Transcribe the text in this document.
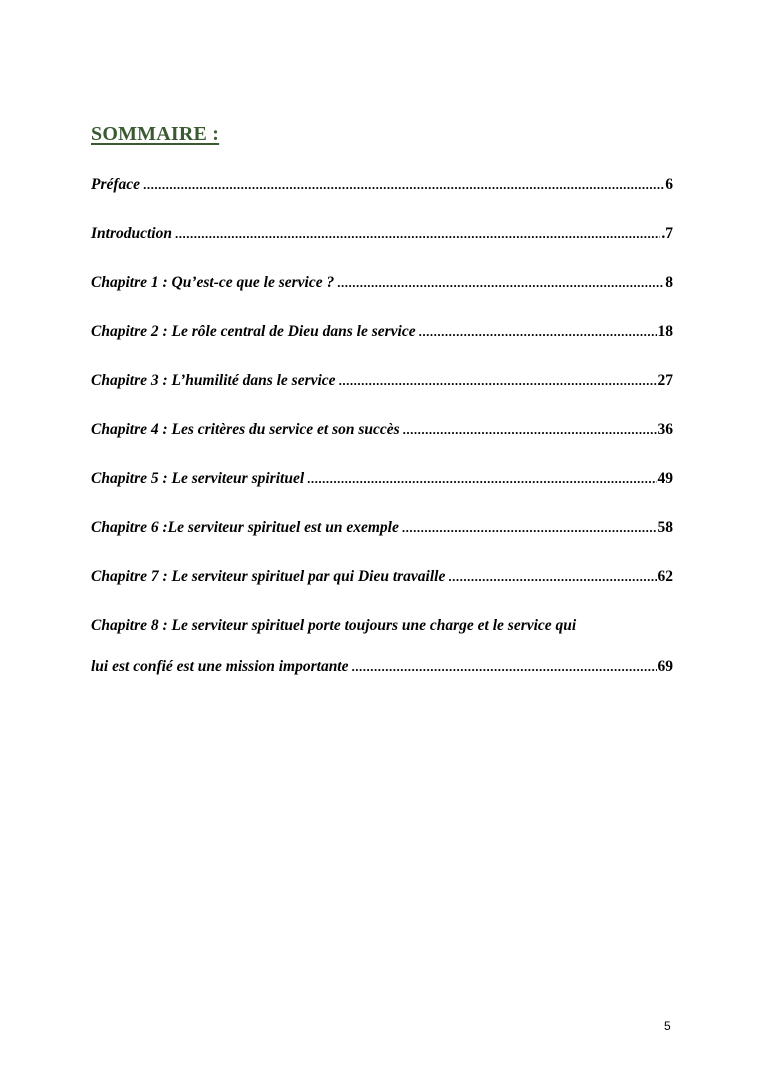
SOMMAIRE :
Préface .....	6
Introduction .....	.7
Chapitre 1 : Qu’est-ce que le service ? .....	8
Chapitre 2 : Le rôle central de Dieu dans le service .....	18
Chapitre 3 : L’humilité dans le service .....	27
Chapitre 4 : Les critères du service et son succès .....	36
Chapitre 5 : Le serviteur spirituel .....	49
Chapitre 6 :Le serviteur spirituel est un exemple .....	58
Chapitre 7 : Le serviteur spirituel par qui Dieu travaille .....	62
Chapitre 8 : Le serviteur spirituel porte toujours une charge et le service qui
lui est confié est une mission importante .....	69
5
